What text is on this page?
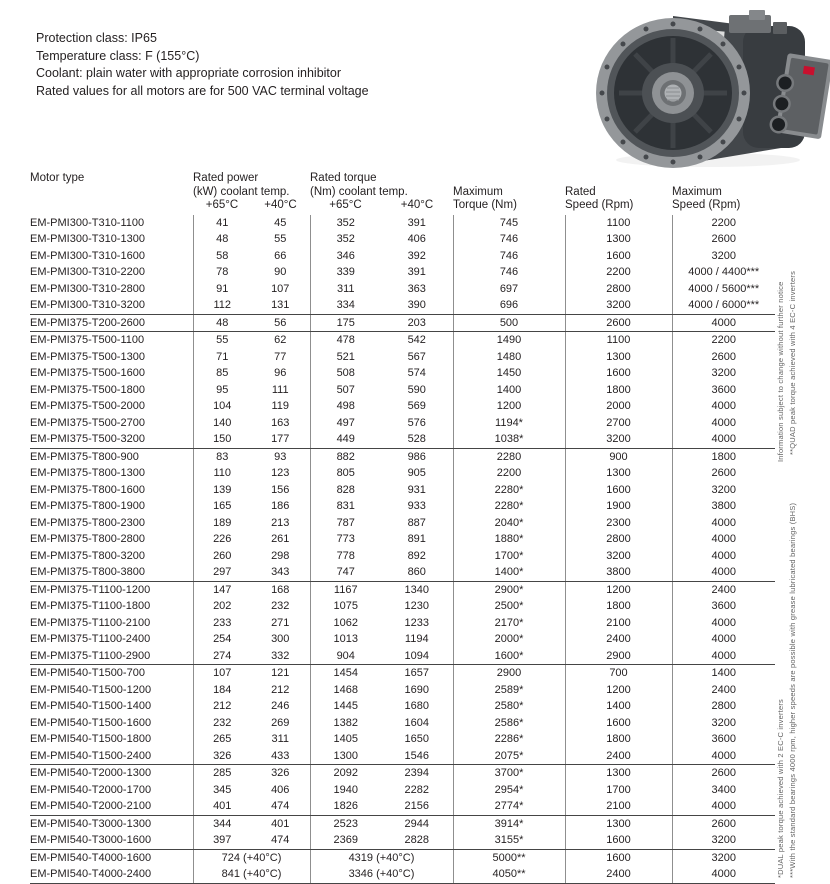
Protection class: IP65

Temperature class: F (155°C)

Coolant: plain water with appropriate corrosion inhibitor

Rated values for all motors are for 500 VAC terminal voltage

Motor type	Rated power		Rated torque				
	(kW) coolant temp.		(Nm) coolant temp.		Maximum	Rated	Maximum
	+65°C	+40°C	+65°C	+40°C	Torque (Nm)	Speed (Rpm)	Speed (Rpm)
EM-PMI300-T310-1100	41	45	352	391	745	1100	2200
EM-PMI300-T310-1300	48	55	352	406	746	1300	2600
EM-PMI300-T310-1600	58	66	346	392	746	1600	3200
EM-PMI300-T310-2200	78	90	339	391	746	2200	4000 / 4400***
EM-PMI300-T310-2800	91	107	311	363	697	2800	4000 / 5600***
EM-PMI300-T310-3200	112	131	334	390	696	3200	4000 / 6000***
EM-PMI375-T200-2600	48	56	175	203	500	2600	4000
EM-PMI375-T500-1100	55	62	478	542	1490	1100	2200
EM-PMI375-T500-1300	71	77	521	567	1480	1300	2600
EM-PMI375-T500-1600	85	96	508	574	1450	1600	3200
EM-PMI375-T500-1800	95	111	507	590	1400	1800	3600
EM-PMI375-T500-2000	104	119	498	569	1200	2000	4000
EM-PMI375-T500-2700	140	163	497	576	1194*	2700	4000
EM-PMI375-T500-3200	150	177	449	528	1038*	3200	4000
EM-PMI375-T800-900	83	93	882	986	2280	900	1800
EM-PMI375-T800-1300	110	123	805	905	2200	1300	2600
EM-PMI375-T800-1600	139	156	828	931	2280*	1600	3200
EM-PMI375-T800-1900	165	186	831	933	2280*	1900	3800
EM-PMI375-T800-2300	189	213	787	887	2040*	2300	4000
EM-PMI375-T800-2800	226	261	773	891	1880*	2800	4000
EM-PMI375-T800-3200	260	298	778	892	1700*	3200	4000
EM-PMI375-T800-3800	297	343	747	860	1400*	3800	4000
EM-PMI375-T1100-1200	147	168	1167	1340	2900*	1200	2400
EM-PMI375-T1100-1800	202	232	1075	1230	2500*	1800	3600
EM-PMI375-T1100-2100	233	271	1062	1233	2170*	2100	4000
EM-PMI375-T1100-2400	254	300	1013	1194	2000*	2400	4000
EM-PMI375-T1100-2900	274	332	904	1094	1600*	2900	4000
EM-PMI540-T1500-700	107	121	1454	1657	2900	700	1400
EM-PMI540-T1500-1200	184	212	1468	1690	2589*	1200	2400
EM-PMI540-T1500-1400	212	246	1445	1680	2580*	1400	2800
EM-PMI540-T1500-1600	232	269	1382	1604	2586*	1600	3200
EM-PMI540-T1500-1800	265	311	1405	1650	2286*	1800	3600
EM-PMI540-T1500-2400	326	433	1300	1546	2075*	2400	4000
EM-PMI540-T2000-1300	285	326	2092	2394	3700*	1300	2600
EM-PMI540-T2000-1700	345	406	1940	2282	2954*	1700	3400
EM-PMI540-T2000-2100	401	474	1826	2156	2774*	2100	4000
EM-PMI540-T3000-1300	344	401	2523	2944	3914*	1300	2600
EM-PMI540-T3000-1600	397	474	2369	2828	3155*	1600	3200
EM-PMI540-T4000-1600	724 (+40°C)		4319 (+40°C)		5000**	1600	3200
EM-PMI540-T4000-2400	841 (+40°C)		3346 (+40°C)		4050**	2400	4000	***With the standard bearings 4000 rpm, higher speeds are possible with grease lubricated bearings (BHS)
**QUAD peak torque achieved with 4 EC-C inverters
*DUAL peak torque achieved with 2 EC-C inverters
Information subject to change without further notice
